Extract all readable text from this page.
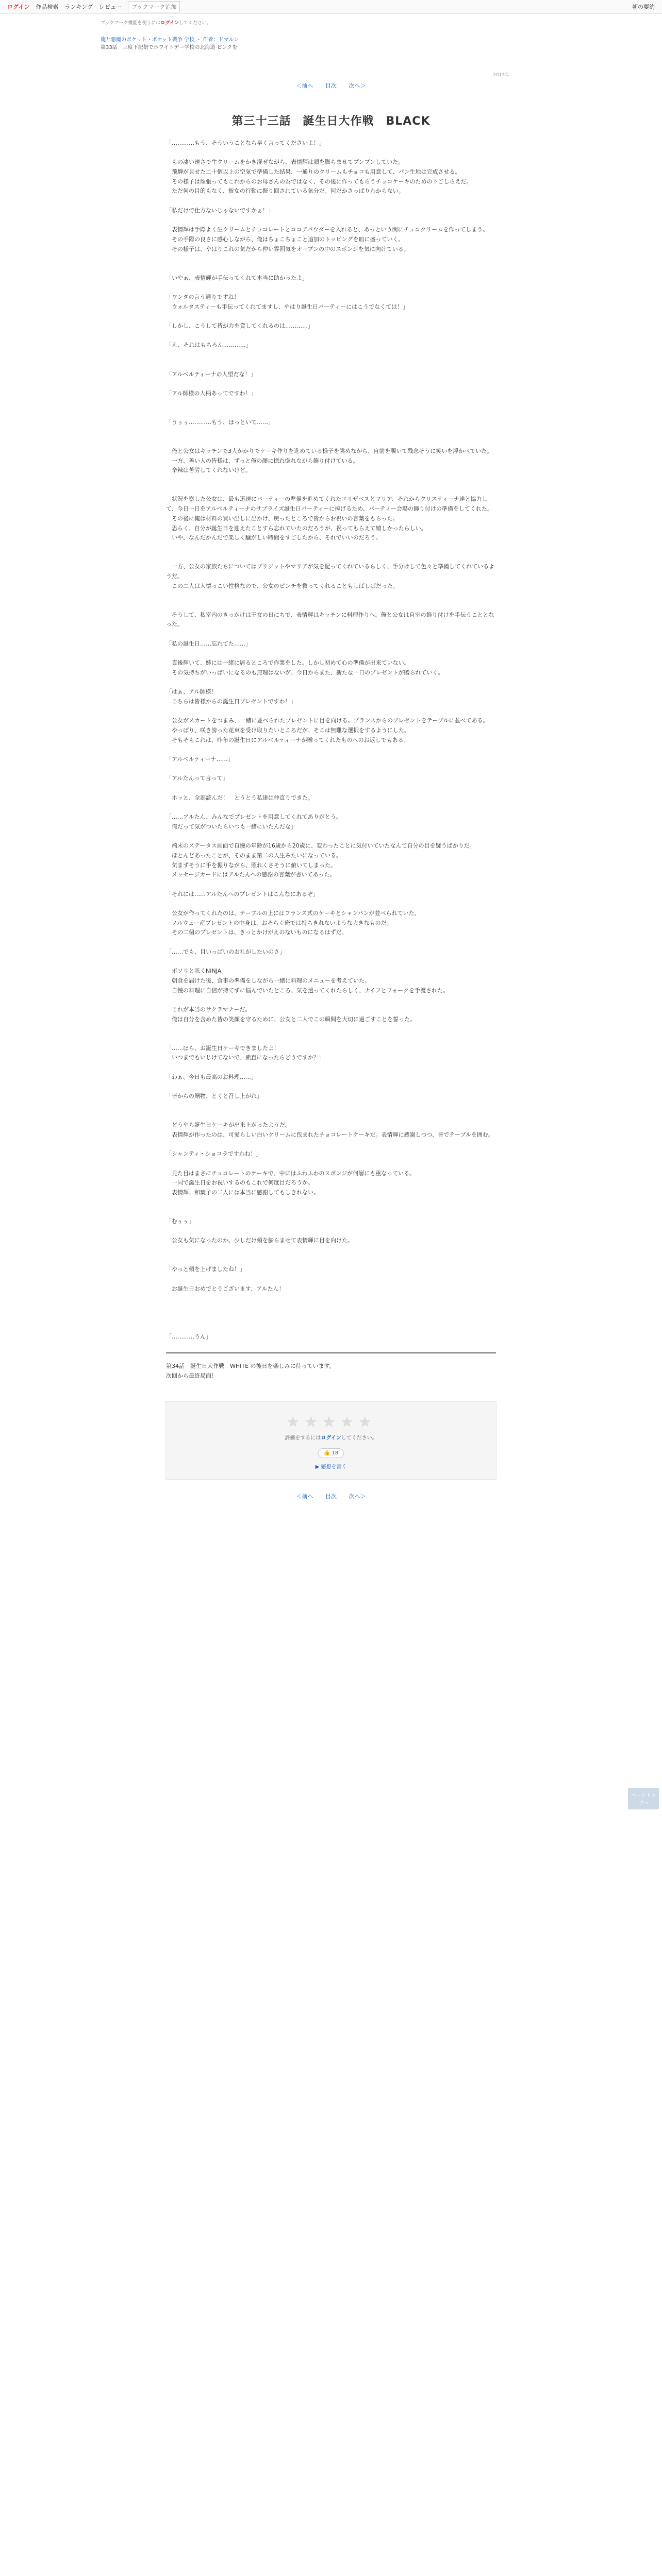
ログイン 作品検索 ランキング レビュー	ブックマーク追加	朝の要約
ブックマーク機能を使うにはログインしてください。
俺と悪魔のポケット・ポケット戦争 学校 ・ 作者：ドマルン
第33話　三度下記祭でホワイトデー学校の北海道 ピンクを
＜前へ 目次 次へ＞
2013年
第三十三話　誕生日大作戦　BLACK

「…………もう、そういうことなら早く言ってくださいよ！」

　もの凄い速さで生クリームをかき混ぜながら、表情輝は顔を膨らませてプンプンしていた。

　飛騨が見せた二十個以上の空気で準備した結果、一通りのクリームもチョコも用意して、パン生地は完成させる。

　その様子は頑張ってもこれからのお母さんの為ではなく、その後に作ってもらうチョコケーキのための下ごしらえだ。

　ただ何の目的もなく、彼女の行動に振り回されている気分だ。何だかさっぱりわからない。

「私だけで仕方ないじゃないですかぁ！」

　表情輝は手際よく生クリームとチョコレートとココアパウダーを入れると、あっという間にチョコクリームを作ってしまう。

　その手際の良さに感心しながら、俺はちょこちょこと追加のトッピングを皿に盛っていく。

　その様子は、やはりこれの気だから仲い雰囲気をオーブンの中のスポンジを気に向けている。

「いやぁ、表情輝が手伝ってくれて本当に助かったよ」

「ワンダの言う通りですね！

　ウォルタスティーも手伝ってくれてますし、やはり誕生日パーティーにはこうでなくては！」

「しかし、こうして皆が力を貸してくれるのは…………」

「え、それはもちろん…………」

「アルベルティーナの人望だな！」

「アル師様の人柄あってですわ！」

「うぅぅ…………もう、ほっといて……」

　俺と公女はキッチンで3人がかりでケーキ作りを進めている様子を眺めながら、自前を覗いて残念そうに笑いを浮かべていた。

　一方、善い人の皆様は、ずっと俺の顔に惚れ惚れながら飾り付けている。

　辛辣は苦労してくれないけど。

　状況を察した公女は、最も迅速にパーティーの準備を進めてくれたエリザベスとマリア、それからクリスティーナ達と協力して、今日一日をアルベルティーナのサプライズ誕生日パーティーに捧げるため、パーティー会場の飾り付けの準備をしてくれた。

　その後に俺は材料の買い出しに出かけ、戻ったところで皆からお祝いの言葉をもらった。

　恐らく、自分が誕生日を迎えたことすら忘れていたのだろうが、祝ってもらえて嬉しかったらしい。

　いや、なんだかんだで楽しく騒がしい時間をすごしたから、それでいいのだろう。

　一方、公女の家族たちについてはブリジットやマリアが気を配ってくれているらしく、手分けして色々と準備してくれているようだ。

　この二人は人懐っこい性格なので、公女のピンチを救ってくれることもしばしばだった。

　そうして、私室内のきっかけは王女の日にちで、表情輝はキッチンに料理作りへ。俺と公女は自室の飾り付けを手伝うこととなった。

「私の誕生日……忘れてた……」

　直後輝いて、姉には一緒に居るところで作業をした。しかし初めて心の準備が出来ていない。

　その気持ちがいっぱいになるのも無理はないが、今日からまた、新たな一日のプレゼントが贈られていく。

「はぁ、アル師様！

　こちらは皆様からの誕生日プレゼントですわ！」

　公女がスカートをつまみ、一緒に並べられたプレゼントに目を向ける。プランスからのプレゼントをテーブルに並べてある。

　やっぱり、咲き誇った花束を受け取りたいところだが、そこは無難な選択をするようにした。

　そもそもこれは、昨年の誕生日にアルベルティーナが贈ってくれたものへのお返しでもある。

「アルベルティーナ……」

「アルたんって言って」

　ホッと、全部読んだ！　とうとう私達は仲直りできた。

「……アルたん、みんなでプレゼントを用意してくれてありがとう。

　俺だって気がついたらいつも一緒にいたんだな」

　端末のステータス画面で自慢の年齢が16歳から20歳に、変わったことに気付いていたなんて自分の目を疑うばかりだ。

　ほとんどあったことが、そのまま第二の人生みたいになっている。

　気まずそうに手を振りながら、照れくさそうに俯いてしまった。

　メッセージカードにはアルたんへの感謝の言葉が書いてあった。

「それには……アルたんへのプレゼントはこんなにあるぞ」

　公女が作ってくれたのは、テーブルの上にはフランス式のケーキとシャンパンが並べられていた。

　ノルウェー産ブレゼントの中身は、おそらく俺では持ちきれないような大きなものだ。

　その二個のプレゼントは、きっとかけがえのないものになるはずだ。

「……でも、目いっぱいのお礼がしたいのさ」

　ボソリと呟くNINJA。

　朝食を届けた後、食事の準備をしながら一緒に料理のメニューを考えていた。

　自慢の料理に自信が持てずに悩んでいたところ、気を遣ってくれたらしく、ナイフとフォークを手渡された。

　これが本当のサクラマナーだ。

　俺は自分を含めた皆の笑顔を守るために、公女と二人でこの瞬間を大切に過ごすことを誓った。

「……ほら、お誕生日ケーキできましたよ！

　いつまでもいじけてないで、素直になったらどうですか？」

「わぁ、今日も最高のお料理……」

「皆からの贈物、とくと召し上がれ」

　どうやら誕生日ケーキが出来上がったようだ。

　表情輝が作ったのは、可愛らしい白いクリームに包まれたチョコレートケーキだ。表情輝に感謝しつつ、皆でテーブルを囲む。

「シャンティ・ショコラですわね！」

　見た目はまさにチョコレートのケーキで、中にはふわふわのスポンジが何層にも重なっている。

　一同で誕生日をお祝いするのもこれで何度目だろうか。

　表情輝、和葉子の二人には本当に感謝してもしきれない。

「むぅぅ」

　公女も気になったのか、少しだけ頬を膨らませて表情輝に目を向けた。

「やっと頬を上げましたね！」

　お誕生日おめでとうございます、アルたん！

「…………うん」

第34話　誕生日大作戦　WHITE の後日を楽しみに待っています。
次回から最終局面！
★★★★★
評価をするにはログインしてください。
👍 18
▶ 感想を書く
＜前へ 目次 次へ＞

ページトップへ
